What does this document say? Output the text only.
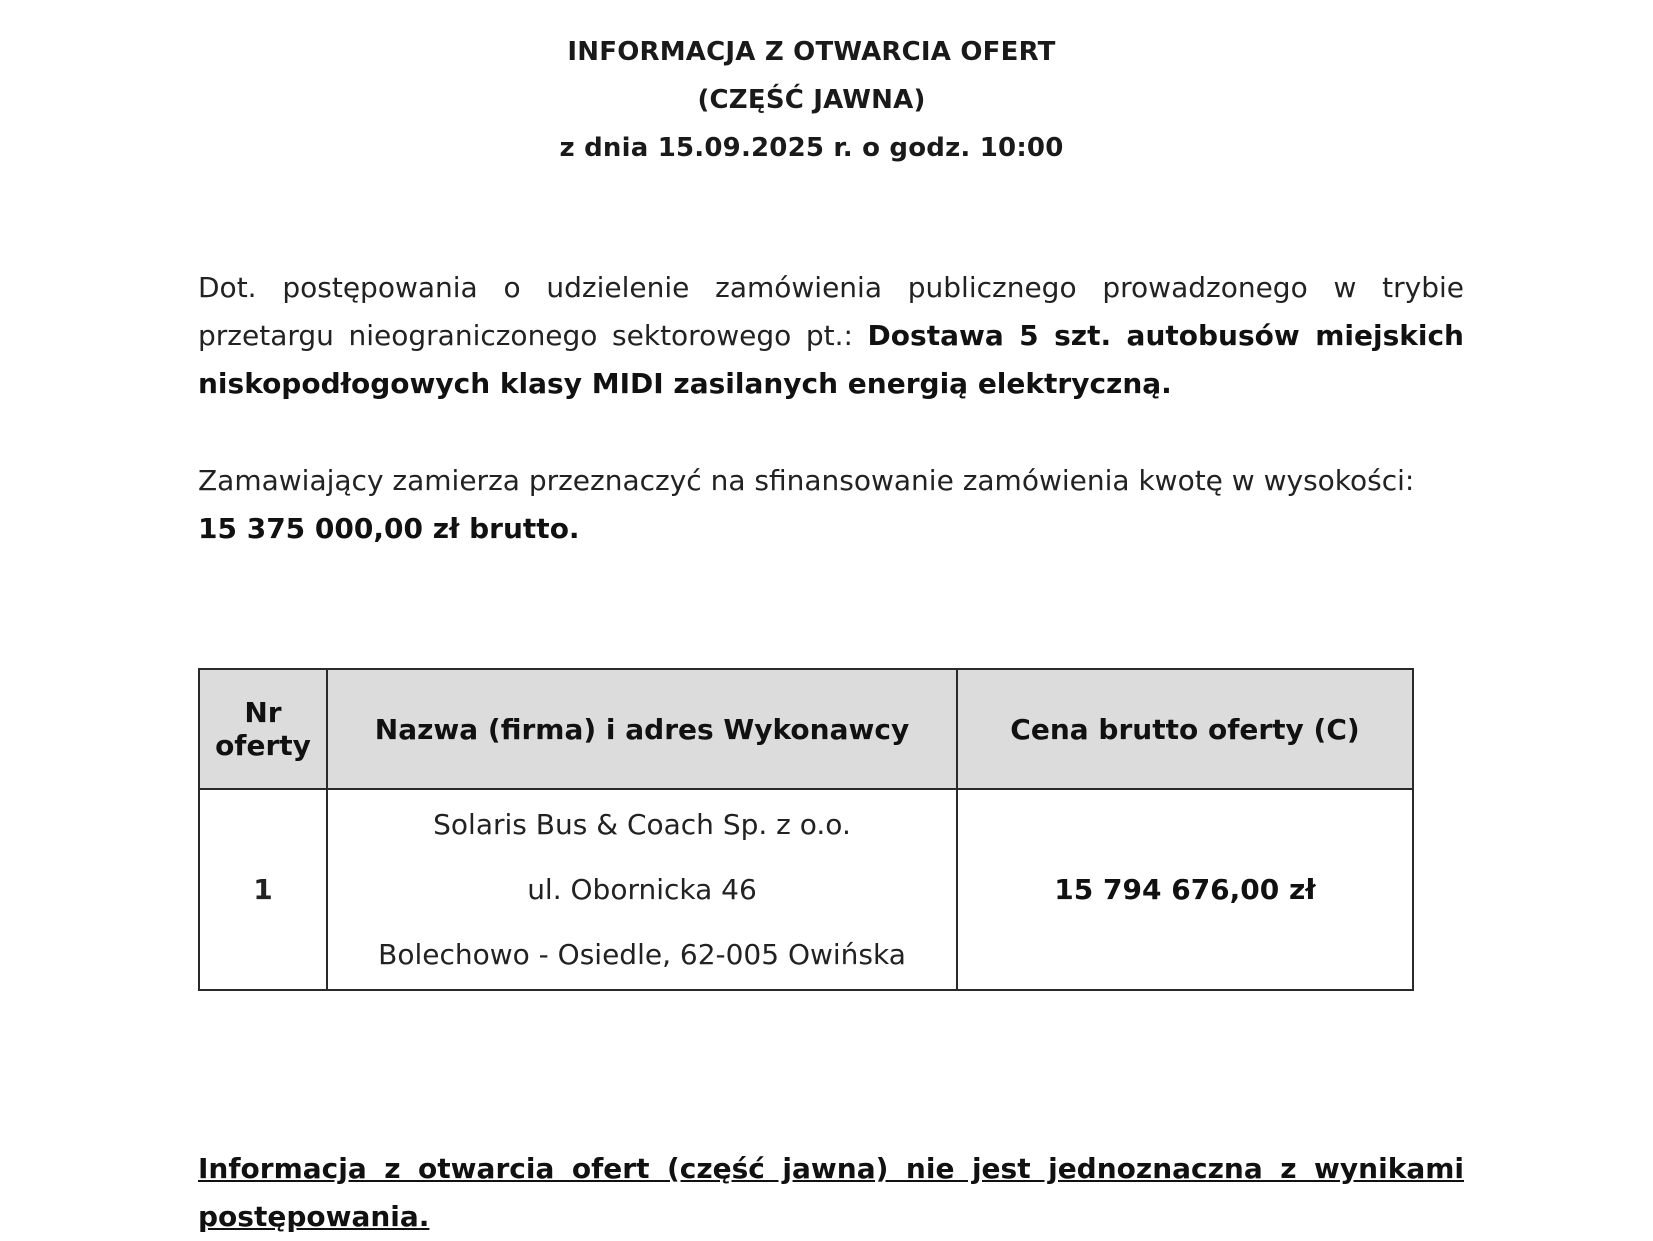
INFORMACJA Z OTWARCIA OFERT
(CZĘŚĆ JAWNA)
z dnia 15.09.2025 r. o godz. 10:00
Dot. postępowania o udzielenie zamówienia publicznego prowadzonego w trybie przetargu nieograniczonego sektorowego pt.: Dostawa 5 szt. autobusów miejskich niskopodłogowych klasy MIDI zasilanych energią elektryczną.
Zamawiający zamierza przeznaczyć na sfinansowanie zamówienia kwotę w wysokości:
15 375 000,00 zł brutto.
Nr oferty	Nazwa (firma) i adres Wykonawcy	Cena brutto oferty (C)
1	Solaris Bus & Coach Sp. z o.o.
ul. Obornicka 46
Bolechowo - Osiedle, 62-005 Owińska	15 794 676,00 zł
Informacja z otwarcia ofert (część jawna) nie jest jednoznaczna z wynikami postępowania.
